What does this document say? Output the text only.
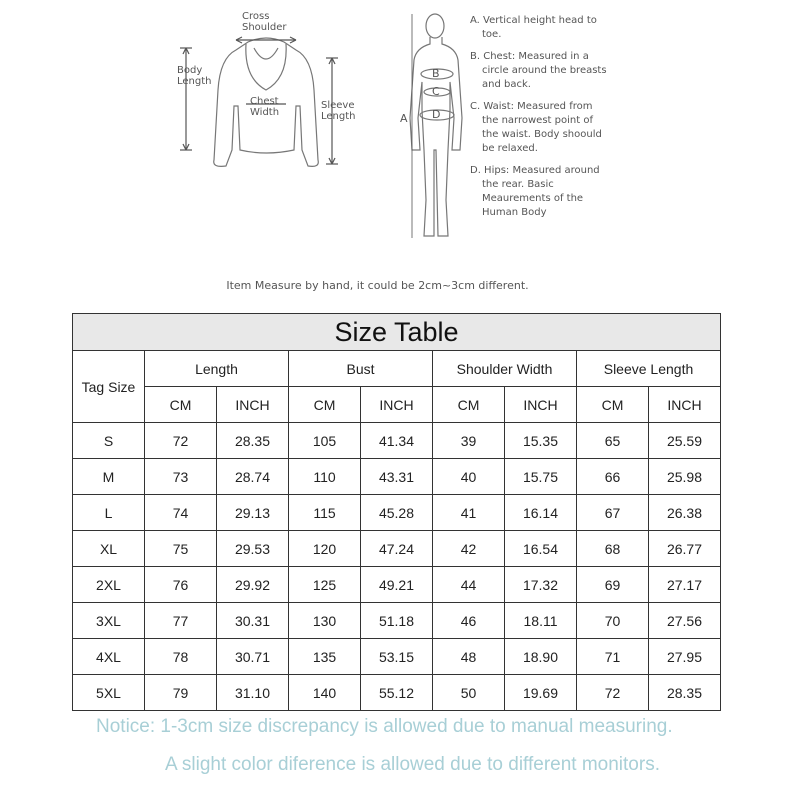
Cross
Shoulder
Body
Length
Chest
Width
Sleeve
Length	A
B
C
D
A. Vertical height head to toe.
B. Chest: Measured in a circle around the breasts and back.
C. Waist: Measured from the narrowest point of the waist. Body shoould be relaxed.
D. Hips: Measured around the rear. Basic Meaurements of the Human Body
Item Measure by hand, it could be 2cm~3cm different.
Size Table								
Tag Size	Length		Bust		Shoulder Width		Sleeve Length	
	CM	INCH	CM	INCH	CM	INCH	CM	INCH
S	72	28.35	105	41.34	39	15.35	65	25.59
M	73	28.74	110	43.31	40	15.75	66	25.98
L	74	29.13	115	45.28	41	16.14	67	26.38
XL	75	29.53	120	47.24	42	16.54	68	26.77
2XL	76	29.92	125	49.21	44	17.32	69	27.17
3XL	77	30.31	130	51.18	46	18.11	70	27.56
4XL	78	30.71	135	53.15	48	18.90	71	27.95
5XL	79	31.10	140	55.12	50	19.69	72	28.35
Notice: 1-3cm size discrepancy is allowed due to manual measuring.
A slight color diference is allowed due to different monitors.
